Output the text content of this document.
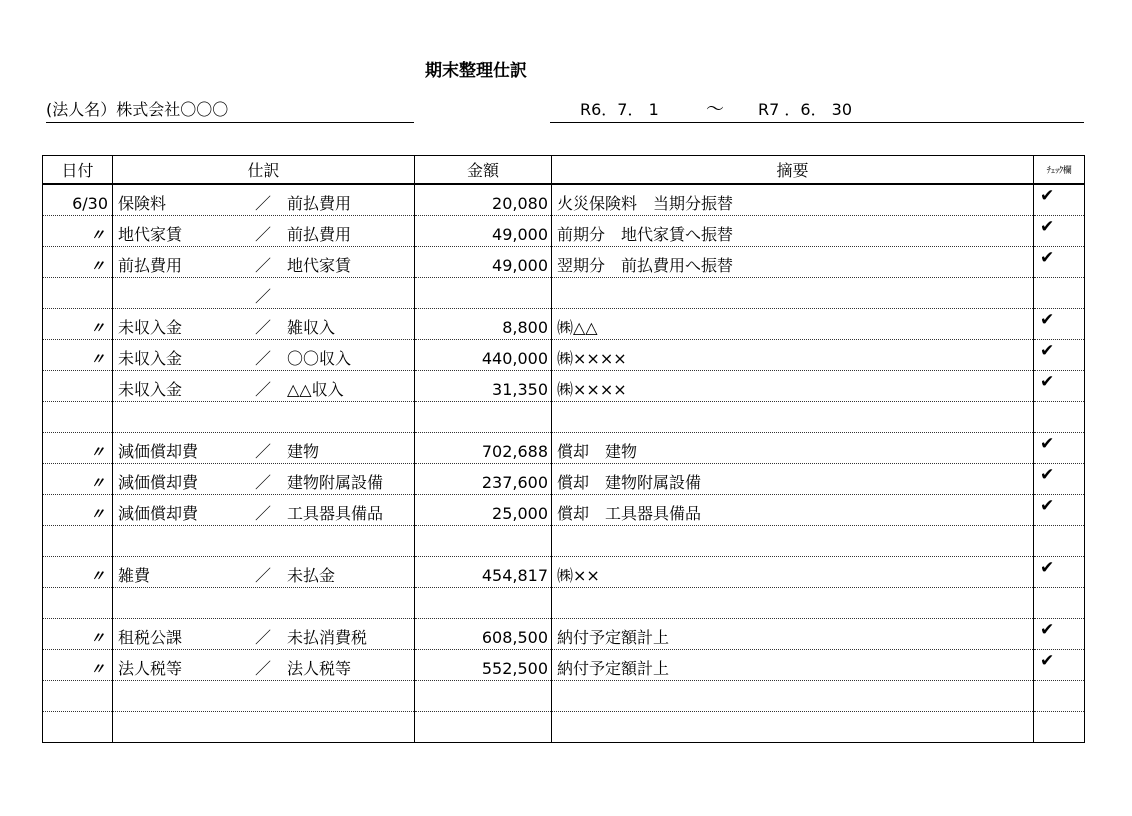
期末整理仕訳
(法人名）株式会社〇〇〇	R6．7． 1	～ R7 ．6． 30
日付	仕訳	金額	摘要	ﾁｪｯｸ欄
6/30	保険料 ／ 前払費用	20,080	火災保険料　当期分振替	✔

〃	地代家賃 ／ 前払費用	49,000	前期分　地代家賃へ振替	✔

〃	前払費用 ／ 地代家賃	49,000	翌期分　前払費用へ振替	✔

	／			

〃	未収入金 ／ 雑収入	8,800	㈱△△	✔

〃	未収入金 ／ 〇〇収入	440,000	㈱××××	✔

	未収入金 ／ △△収入	31,350	㈱××××	✔

〃	減価償却費 ／ 建物	702,688	償却　建物	✔

〃	減価償却費 ／ 建物附属設備	237,600	償却　建物附属設備	✔

〃	減価償却費 ／ 工具器具備品	25,000	償却　工具器具備品	✔

〃	雑費 ／ 未払金	454,817	㈱××	✔

〃	租税公課 ／ 未払消費税	608,500	納付予定額計上	✔

〃	法人税等 ／ 法人税等	552,500	納付予定額計上	✔
